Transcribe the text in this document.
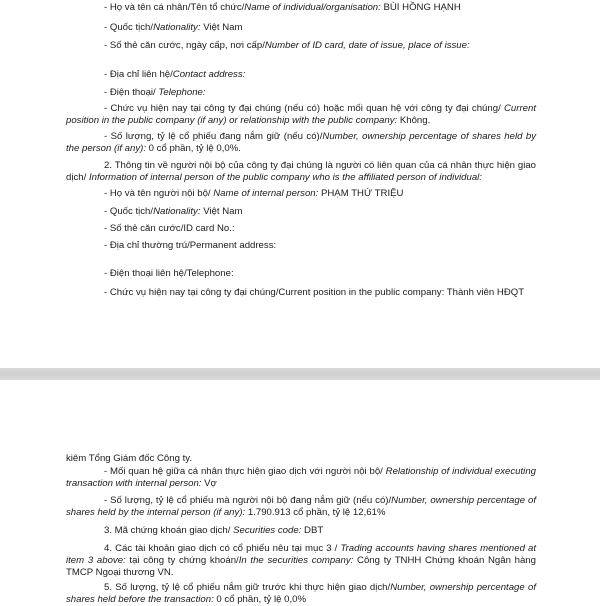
- Họ và tên cá nhân/Tên tổ chức/Name of individual/organisation: BÙI HỒNG HẠNH
- Quốc tịch/Nationality: Việt Nam
- Số thẻ căn cước, ngày cấp, nơi cấp/Number of ID card, date of issue, place of issue:
- Địa chỉ liên hệ/Contact address:
- Điện thoại/ Telephone:
- Chức vụ hiện nay tại công ty đại chúng (nếu có) hoặc mối quan hệ với công ty đại chúng/ Current position in the public company (if any) or relationship with the public company: Không.
- Số lượng, tỷ lệ cổ phiếu đang nắm giữ (nếu có)/Number, ownership percentage of shares held by the person (if any): 0 cổ phần, tỷ lệ 0,0%.
2. Thông tin về người nội bộ của công ty đại chúng là người có liên quan của cá nhân thực hiện giao dịch/ Information of internal person of the public company who is the affiliated person of individual:
- Họ và tên người nội bộ/ Name of internal person: PHẠM THỨ TRIỆU
- Quốc tịch/Nationality: Việt Nam
- Số thẻ căn cước/ID card No.:
- Địa chỉ thường trú/Permanent address:
- Điện thoại liên hệ/Telephone:
- Chức vụ hiện nay tại công ty đại chúng/Current position in the public company: Thành viên HĐQT
kiêm Tổng Giám đốc Công ty.
- Mối quan hệ giữa cá nhân thực hiện giao dịch với người nội bộ/ Relationship of individual executing transaction with internal person: Vợ
- Số lượng, tỷ lệ cổ phiếu mà người nội bộ đang nắm giữ (nếu có)/Number, ownership percentage of shares held by the internal person (if any): 1.790.913 cổ phần, tỷ lệ 12,61%
3. Mã chứng khoán giao dịch/ Securities code: DBT
4. Các tài khoản giao dịch có cổ phiếu nêu tại mục 3 / Trading accounts having shares mentioned at item 3 above: tại công ty chứng khoán/In the securities company: Công ty TNHH Chứng khoán Ngân hàng TMCP Ngoại thương VN.
5. Số lượng, tỷ lệ cổ phiếu nắm giữ trước khi thực hiện giao dịch/Number, ownership percentage of shares held before the transaction: 0 cổ phần, tỷ lệ 0,0%
